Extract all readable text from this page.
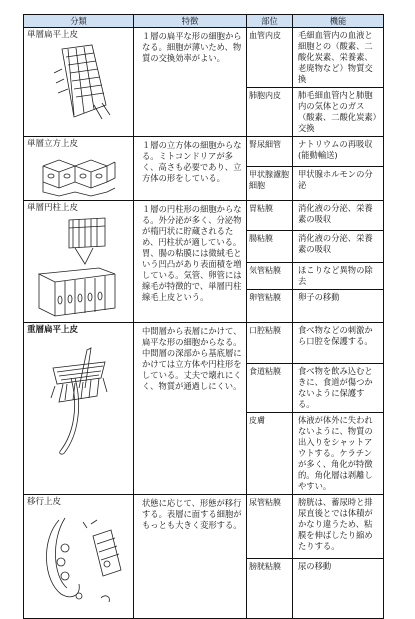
分類	特徴	部位	機能

単層扁平上皮	１層の扁平な形の細胞からなる。細胞が薄いため、物質の交換効率がよい。	血管内皮	毛細血管内の血液と細胞との（酸素、二酸化炭素、栄養素、老廃物など）物質交換
		肺胞内皮	肺毛細血管内と肺胞内の気体とのガス（酸素、二酸化炭素）交換

単層立方上皮	１層の立方体の細胞からなる。ミトコンドリアが多く、高さも必要であり、立方体の形をしている。	腎尿細管	ナトリウムの再吸収(能動輸送)
		甲状腺濾胞細胞	甲状腺ホルモンの分泌

単層円柱上皮	１層の円柱形の細胞からなる。外分泌が多く、分泌物が楕円状に貯蔵されるため、円柱状が適している。胃、腸の粘膜には微絨毛という凹凸があり表面積を増している。気管、卵管には線毛が特徴的で、単層円柱線毛上皮という。	胃粘膜	消化液の分泌、栄養素の吸収
		腸粘膜	消化液の分泌、栄養素の吸収
		気管粘膜	ほこりなど異物の除去
		卵管粘膜	卵子の移動

重層扁平上皮	中間層から表層にかけて、扁平な形の細胞からなる。中間層の深部から基底層にかけては立方体や円柱形をしている。丈夫で壊れにくく、物質が通過しにくい。	口腔粘膜	食べ物などの刺激から口腔を保護する。
		食道粘膜	食べ物を飲み込むときに、食道が傷つかないように保護する。
		皮膚	体液が体外に失われないように、物質の出入りをシャットアウトする。ケラチンが多く、角化が特徴的。角化層は剥離しやすい。

移行上皮	状態に応じて、形態が移行する。表層に面する細胞がもっとも大きく変形する。	尿管粘膜	膀胱は、蓄尿時と排尿直後とでは体積がかなり違うため、粘膜を伸ばしたり縮めたりする。
		膀胱粘膜	尿の移動
